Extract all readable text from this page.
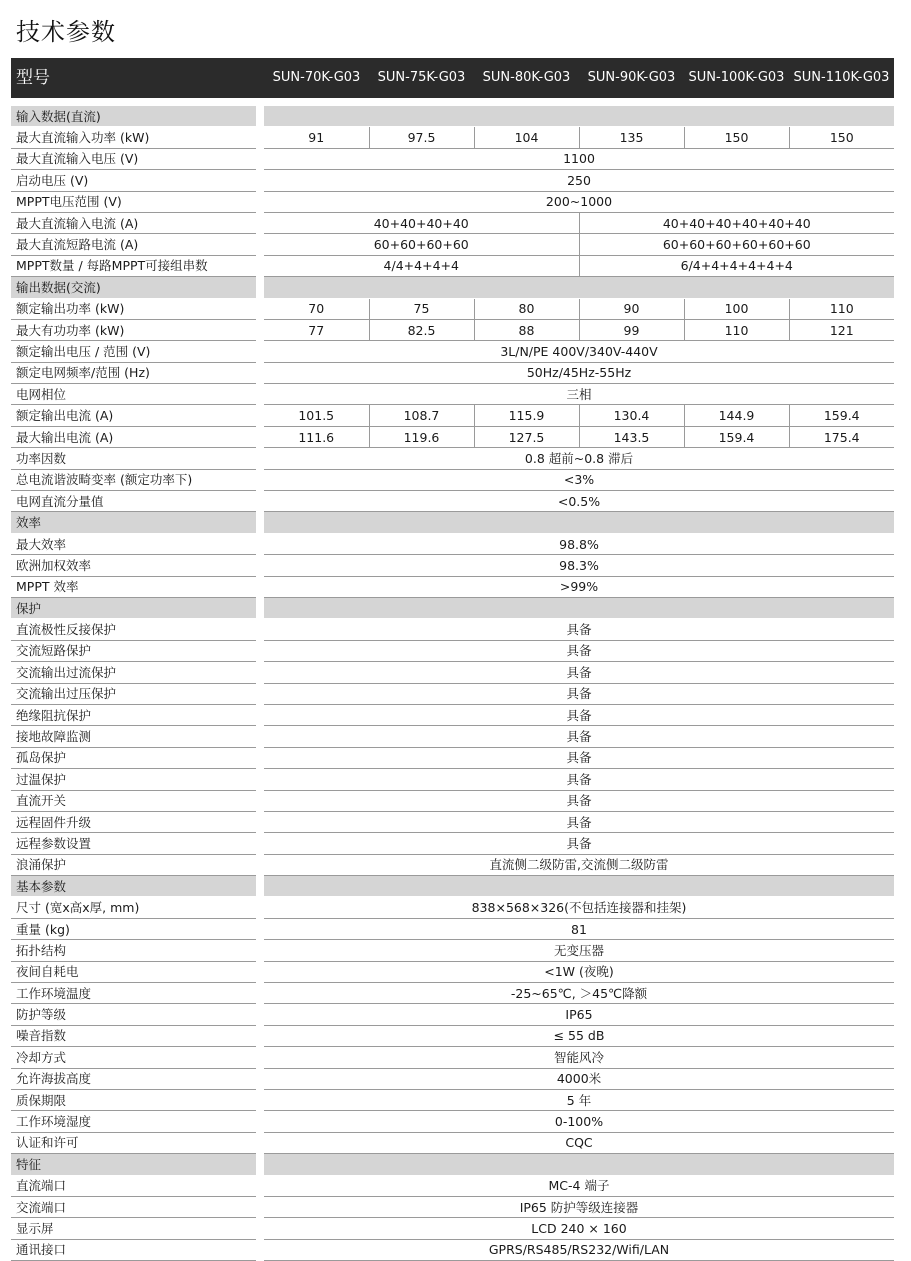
技术参数
型号	SUN-70K-G03	SUN-75K-G03	SUN-80K-G03	SUN-90K-G03	SUN-100K-G03 SUN-110K-G03
输入数据(直流)							
最大直流输入功率 (kW)		91	97.5	104	135	150	150
最大直流输入电压 (V)		1100					
启动电压 (V)		250					
MPPT电压范围 (V)		200~1000					
最大直流输入电流 (A)		40+40+40+40			40+40+40+40+40+40		
最大直流短路电流 (A)		60+60+60+60			60+60+60+60+60+60		
MPPT数量 / 每路MPPT可接组串数		4/4+4+4+4			6/4+4+4+4+4+4		
输出数据(交流)							
额定输出功率 (kW)		70	75	80	90	100	110
最大有功功率 (kW)		77	82.5	88	99	110	121
额定输出电压 / 范围 (V)		3L/N/PE 400V/340V-440V					
额定电网频率/范围 (Hz)		50Hz/45Hz-55Hz					
电网相位		三相					
额定输出电流 (A)		101.5	108.7	115.9	130.4	144.9	159.4
最大输出电流 (A)		111.6	119.6	127.5	143.5	159.4	175.4
功率因数		0.8 超前~0.8 滞后					
总电流谐波畸变率 (额定功率下)		<3%					
电网直流分量值		<0.5%					
效率							
最大效率		98.8%					
欧洲加权效率		98.3%					
MPPT 效率		>99%					
保护							
直流极性反接保护		具备					
交流短路保护		具备					
交流输出过流保护		具备					
交流输出过压保护		具备					
绝缘阻抗保护		具备					
接地故障监测		具备					
孤岛保护		具备					
过温保护		具备					
直流开关		具备					
远程固件升级		具备					
远程参数设置		具备					
浪涌保护		直流侧二级防雷,交流侧二级防雷					
基本参数							
尺寸 (宽x高x厚, mm)		838×568×326(不包括连接器和挂架)					
重量 (kg)		81					
拓扑结构		无变压器					
夜间自耗电		<1W (夜晚)					
工作环境温度		-25~65℃, ＞45℃降额					
防护等级		IP65					
噪音指数		≤ 55 dB					
冷却方式		智能风冷					
允许海拔高度		4000米					
质保期限		5 年					
工作环境湿度		0-100%					
认证和许可		CQC					
特征							
直流端口		MC-4 端子					
交流端口		IP65 防护等级连接器					
显示屏		LCD 240 × 160					
通讯接口		GPRS/RS485/RS232/Wifi/LAN					
